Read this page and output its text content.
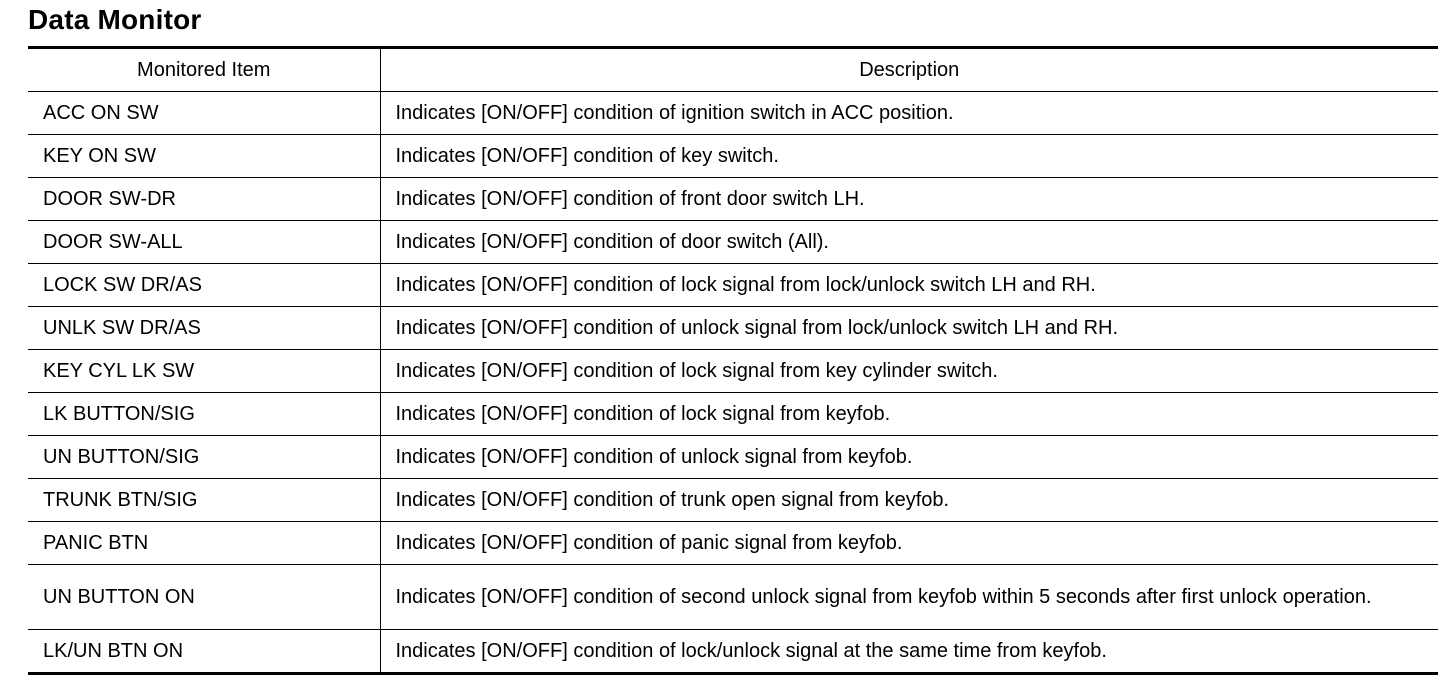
Data Monitor
Monitored Item	Description
ACC ON SW	Indicates [ON/OFF] condition of ignition switch in ACC position.
KEY ON SW	Indicates [ON/OFF] condition of key switch.
DOOR SW-DR	Indicates [ON/OFF] condition of front door switch LH.
DOOR SW-ALL	Indicates [ON/OFF] condition of door switch (All).
LOCK SW DR/AS	Indicates [ON/OFF] condition of lock signal from lock/unlock switch LH and RH.
UNLK SW DR/AS	Indicates [ON/OFF] condition of unlock signal from lock/unlock switch LH and RH.
KEY CYL LK SW	Indicates [ON/OFF] condition of lock signal from key cylinder switch.
LK BUTTON/SIG	Indicates [ON/OFF] condition of lock signal from keyfob.
UN BUTTON/SIG	Indicates [ON/OFF] condition of unlock signal from keyfob.
TRUNK BTN/SIG	Indicates [ON/OFF] condition of trunk open signal from keyfob.
PANIC BTN	Indicates [ON/OFF] condition of panic signal from keyfob.
UN BUTTON ON	Indicates [ON/OFF] condition of second unlock signal from keyfob within 5 seconds after first unlock operation.
LK/UN BTN ON	Indicates [ON/OFF] condition of lock/unlock signal at the same time from keyfob.
